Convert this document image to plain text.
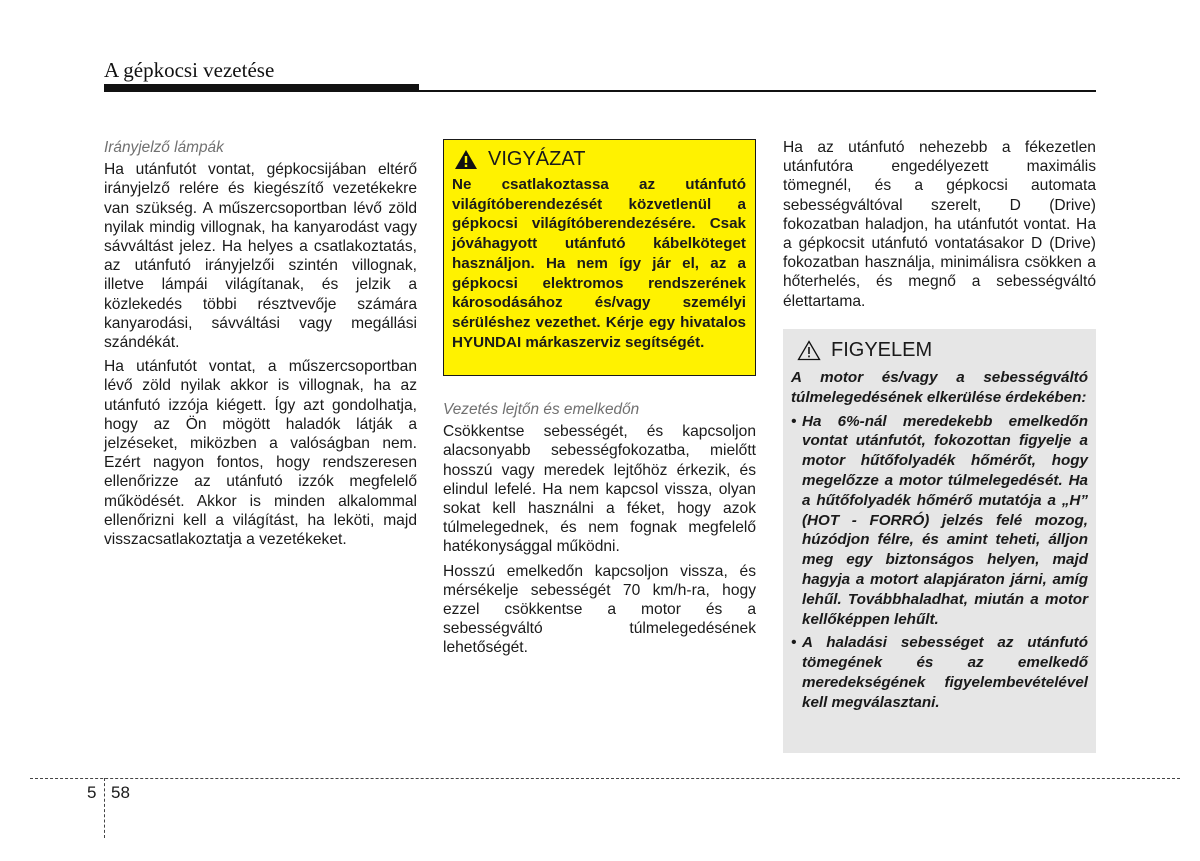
A gépkocsi vezetése
Irányjelző lámpák

Ha utánfutót vontat, gépkocsijában eltérő irányjelző relére és kiegészítő vezetékekre van szükség. A műszercsoportban lévő zöld nyilak mindig villognak, ha kanyarodást vagy sávváltást jelez. Ha helyes a csatlakoztatás, az utánfutó irányjelzői szintén villognak, illetve lámpái világítanak, és jelzik a közlekedés többi résztvevője számára kanyarodási, sávváltási vagy megállási szándékát.

Ha utánfutót vontat, a műszercsoportban lévő zöld nyilak akkor is villognak, ha az utánfutó izzója kiégett. Így azt gondolhatja, hogy az Ön mögött haladók látják a jelzéseket, miközben a valóságban nem. Ezért nagyon fontos, hogy rendszeresen ellenőrizze az utánfutó izzók megfelelő működését. Akkor is minden alkalommal ellenőrizni kell a világítást, ha leköti, majd visszacsatlakoztatja a vezetékeket.

VIGYÁZAT

Ne csatlakoztassa az utánfutó világítóberendezését közvetlenül a gépkocsi világítóberendezésére. Csak jóváhagyott utánfutó kábelköteget használjon. Ha nem így jár el, az a gépkocsi elektromos rendszerének károsodásához és/vagy személyi sérüléshez vezethet. Kérje egy hivatalos HYUNDAI márkaszerviz segítségét.

Vezetés lejtőn és emelkedőn

Csökkentse sebességét, és kapcsoljon alacsonyabb sebességfokozatba, mielőtt hosszú vagy meredek lejtőhöz érkezik, és elindul lefelé. Ha nem kapcsol vissza, olyan sokat kell használni a féket, hogy azok túlmelegednek, és nem fognak megfelelő hatékonysággal működni.

Hosszú emelkedőn kapcsoljon vissza, és mérsékelje sebességét 70 km/h-ra, hogy ezzel csökkentse a motor és a sebességváltó túlmelegedésének lehetőségét.

Ha az utánfutó nehezebb a fékezetlen utánfutóra engedélyezett maximális tömegnél, és a gépkocsi automata sebességváltóval szerelt, D (Drive) fokozatban haladjon, ha utánfutót vontat. Ha a gépkocsit utánfutó vontatásakor D (Drive) fokozatban használja, minimálisra csökken a hőterhelés, és megnő a sebességváltó élettartama.

FIGYELEM

A motor és/vagy a sebességváltó túlmelegedésének elkerülése érdekében:

• Ha 6%-nál meredekebb emelkedőn vontat utánfutót, fokozottan figyelje a motor hűtőfolyadék hőmérőt, hogy megelőzze a motor túlmelegedését. Ha a hűtőfolyadék hőmérő mutatója a „H” (HOT - FORRÓ) jelzés felé mozog, húzódjon félre, és amint teheti, álljon meg egy biztonságos helyen, majd hagyja a motort alapjáraton járni, amíg lehűl. Továbbhaladhat, miután a motor kellőképpen lehűlt.
• A haladási sebességet az utánfutó tömegének és az emelkedő meredekségének figyelembevételével kell megválasztani.
5 58
